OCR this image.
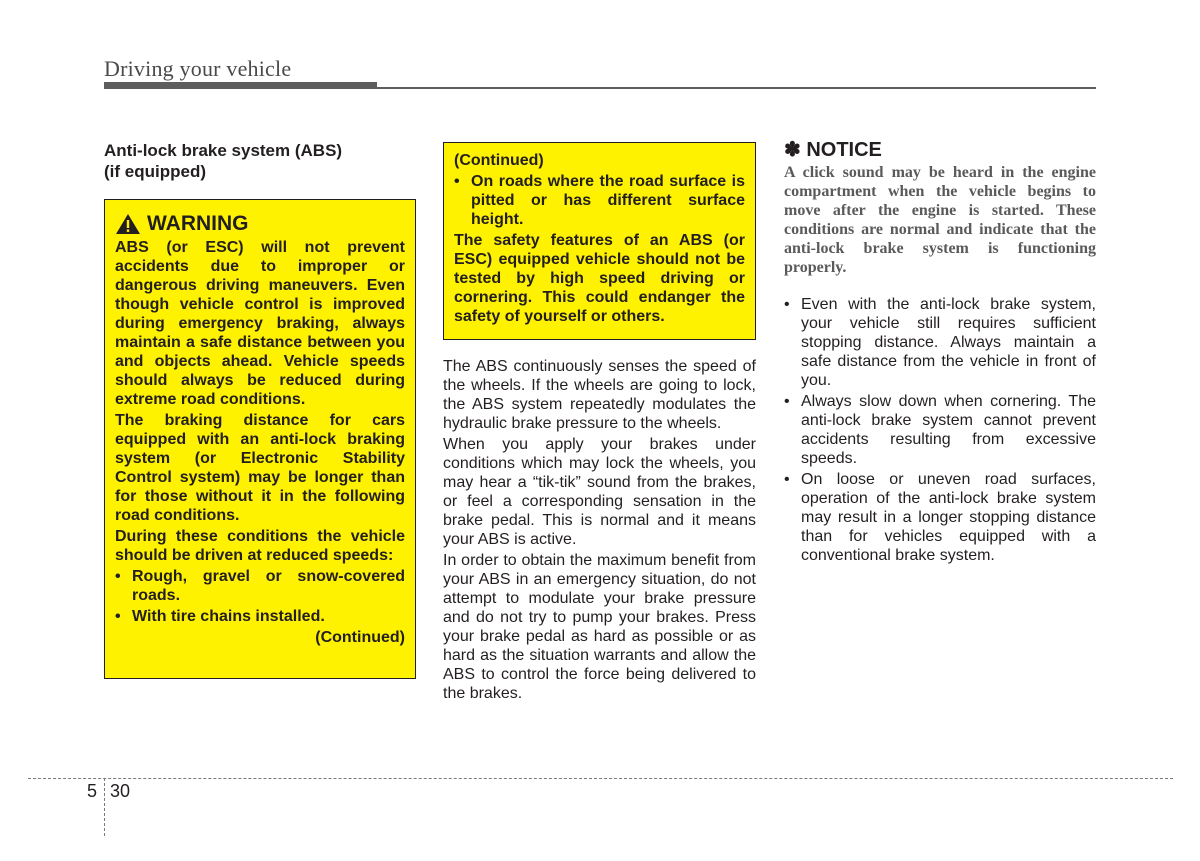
Driving your vehicle
Anti-lock brake system (ABS)
(if equipped)
WARNING

ABS (or ESC) will not prevent accidents due to improper or dangerous driving maneuvers. Even though vehicle control is improved during emergency braking, always maintain a safe distance between you and objects ahead. Vehicle speeds should always be reduced during extreme road conditions.

The braking distance for cars equipped with an anti-lock braking system (or Electronic Stability Control system) may be longer than for those without it in the following road conditions.

During these conditions the vehicle should be driven at reduced speeds:

• Rough, gravel or snow-covered roads.
• With tire chains installed.
(Continued)

(Continued)

• On roads where the road surface is pitted or has different surface height.

The safety features of an ABS (or ESC) equipped vehicle should not be tested by high speed driving or cornering. This could endanger the safety of yourself or others.

The ABS continuously senses the speed of the wheels. If the wheels are going to lock, the ABS system repeatedly modulates the hydraulic brake pressure to the wheels.

When you apply your brakes under conditions which may lock the wheels, you may hear a “tik-tik” sound from the brakes, or feel a corresponding sensation in the brake pedal. This is normal and it means your ABS is active.

In order to obtain the maximum benefit from your ABS in an emergency situation, do not attempt to modulate your brake pressure and do not try to pump your brakes. Press your brake pedal as hard as possible or as hard as the situation warrants and allow the ABS to control the force being delivered to the brakes.

✽ NOTICE
A click sound may be heard in the engine compartment when the vehicle begins to move after the engine is started. These conditions are normal and indicate that the anti-lock brake system is functioning properly.
• Even with the anti-lock brake system, your vehicle still requires sufficient stopping distance. Always maintain a safe distance from the vehicle in front of you.
• Always slow down when cornering. The anti-lock brake system cannot prevent accidents resulting from excessive speeds.
• On loose or uneven road surfaces, operation of the anti-lock brake system may result in a longer stopping distance than for vehicles equipped with a conventional brake system.
5 30
